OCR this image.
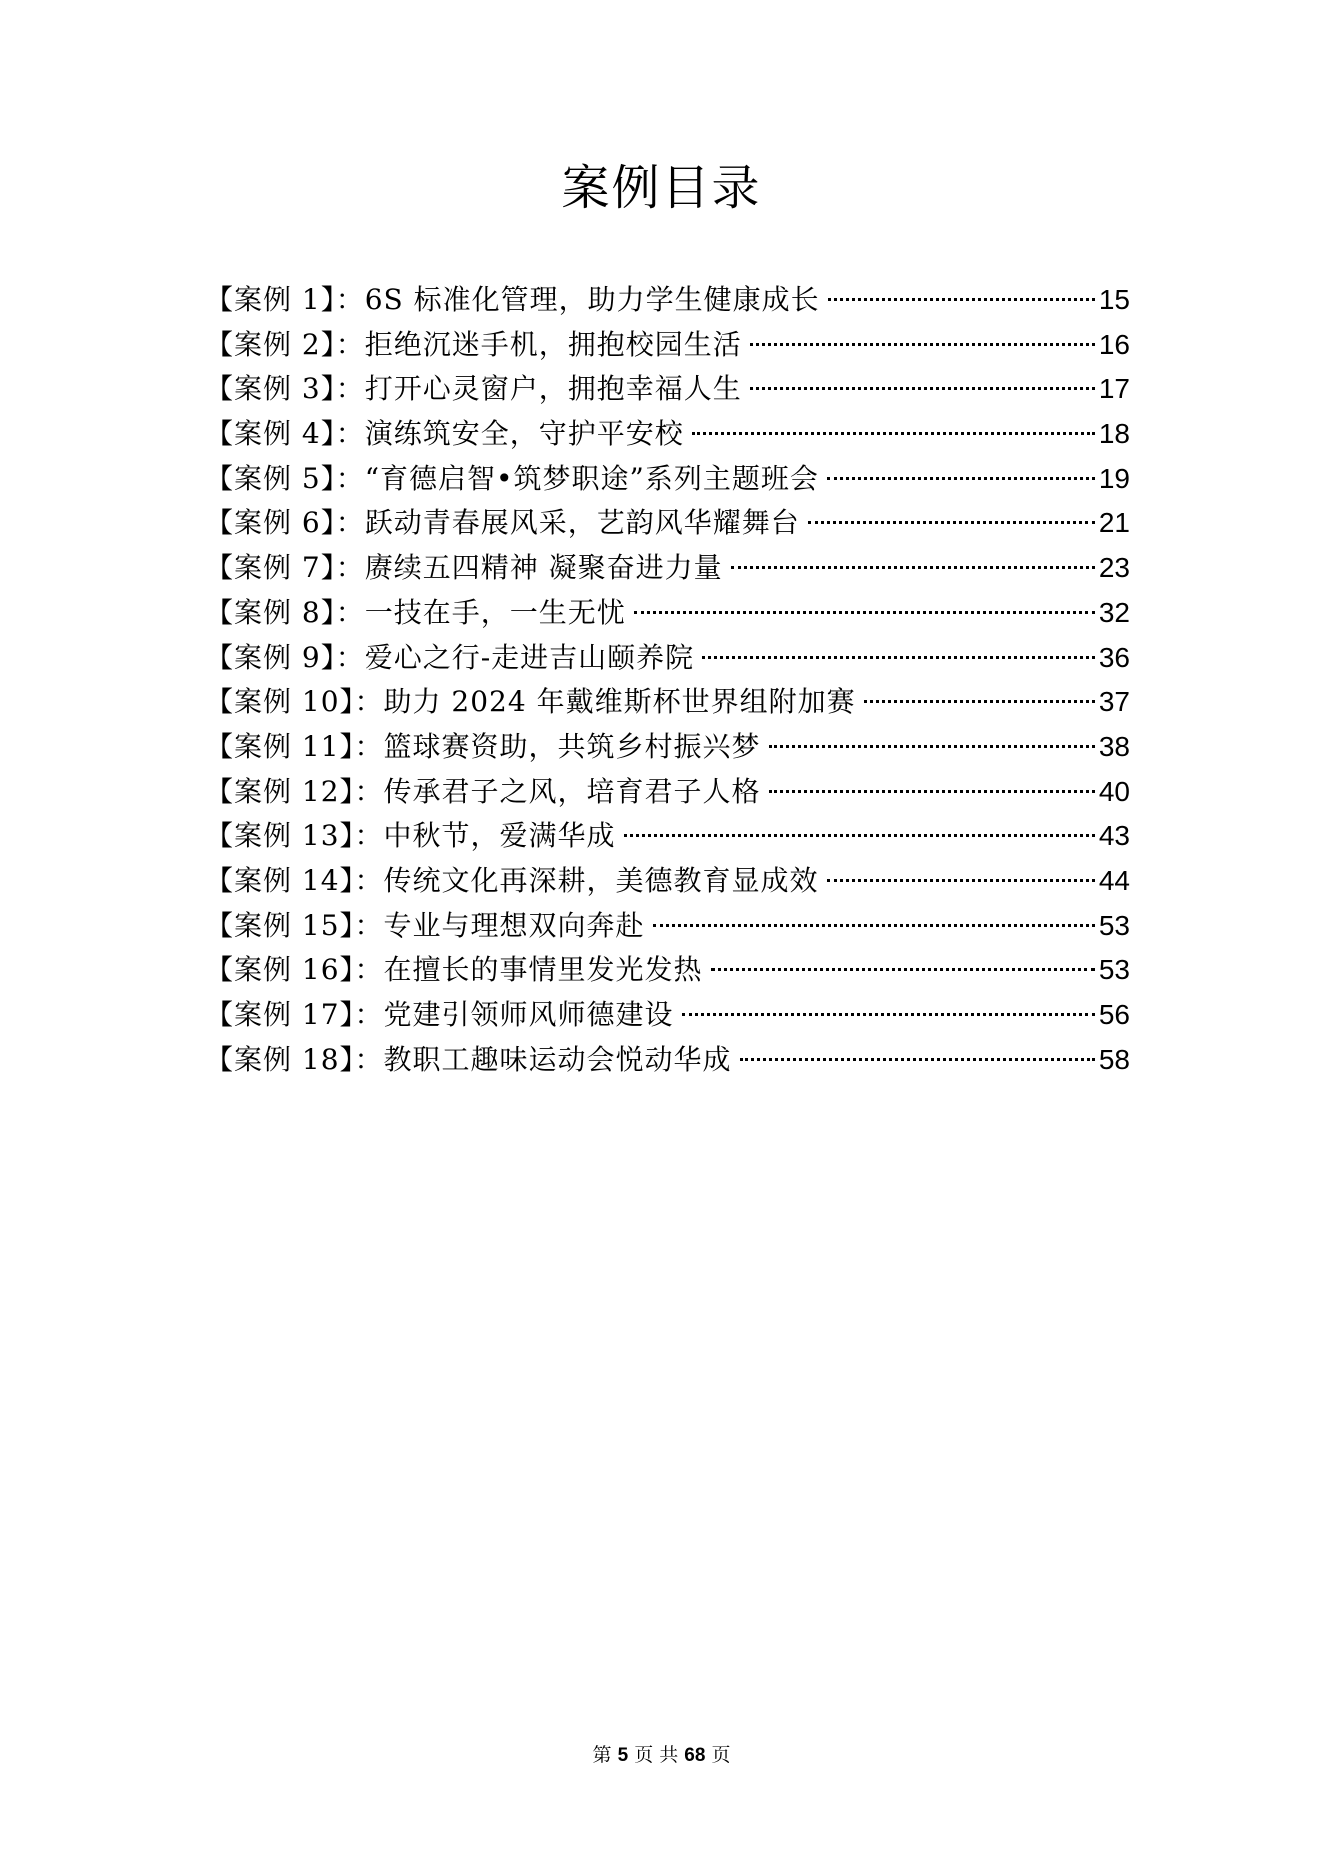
案例目录
【案例 1】：6S 标准化管理，助力学生健康成长	15
【案例 2】：拒绝沉迷手机，拥抱校园生活	16
【案例 3】：打开心灵窗户，拥抱幸福人生	17
【案例 4】：演练筑安全，守护平安校	18
【案例 5】：“育德启智•筑梦职途”系列主题班会	19
【案例 6】：跃动青春展风采，艺韵风华耀舞台	21
【案例 7】：赓续五四精神 凝聚奋进力量	23
【案例 8】：一技在手，一生无忧	32
【案例 9】：爱心之行-走进吉山颐养院	36
【案例 10】：助力 2024 年戴维斯杯世界组附加赛	37
【案例 11】：篮球赛资助，共筑乡村振兴梦	38
【案例 12】：传承君子之风，培育君子人格	40
【案例 13】：中秋节，爱满华成	43
【案例 14】：传统文化再深耕，美德教育显成效	44
【案例 15】：专业与理想双向奔赴	53
【案例 16】：在擅长的事情里发光发热	53
【案例 17】：党建引领师风师德建设	56
【案例 18】：教职工趣味运动会悦动华成	58
第 5 页 共 68 页
